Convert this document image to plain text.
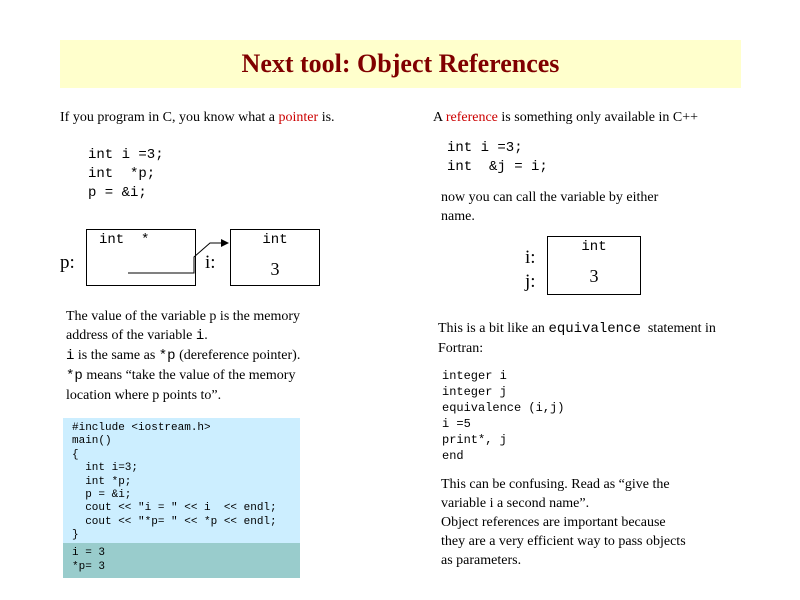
Next tool: Object References
If you program in C, you know what a pointer is.
int i =3;
int  *p;
p = &i;
p:
int  *
i:
int
3
The value of the variable p is the memory
address of the variable i.
i is the same as *p (dereference pointer).
*p means “take the value of the memory
location where p points to”.
#include <iostream.h>
main()
{
int i=3;
int *p;
p = &i;
cout << "i = " << i  << endl;
cout << "*p= " << *p << endl;
}
i = 3
*p= 3
A reference is something only available in C++
int i =3;
int  &j = i;
now you can call the variable by either
name.
i:
j:
int
3
This is a bit like an equivalence  statement in
Fortran:
integer i
integer j
equivalence (i,j)
i =5
print*, j
end
This can be confusing. Read as “give the
variable i a second name”.
Object references are important because
they are a very efficient way to pass objects
as parameters.
